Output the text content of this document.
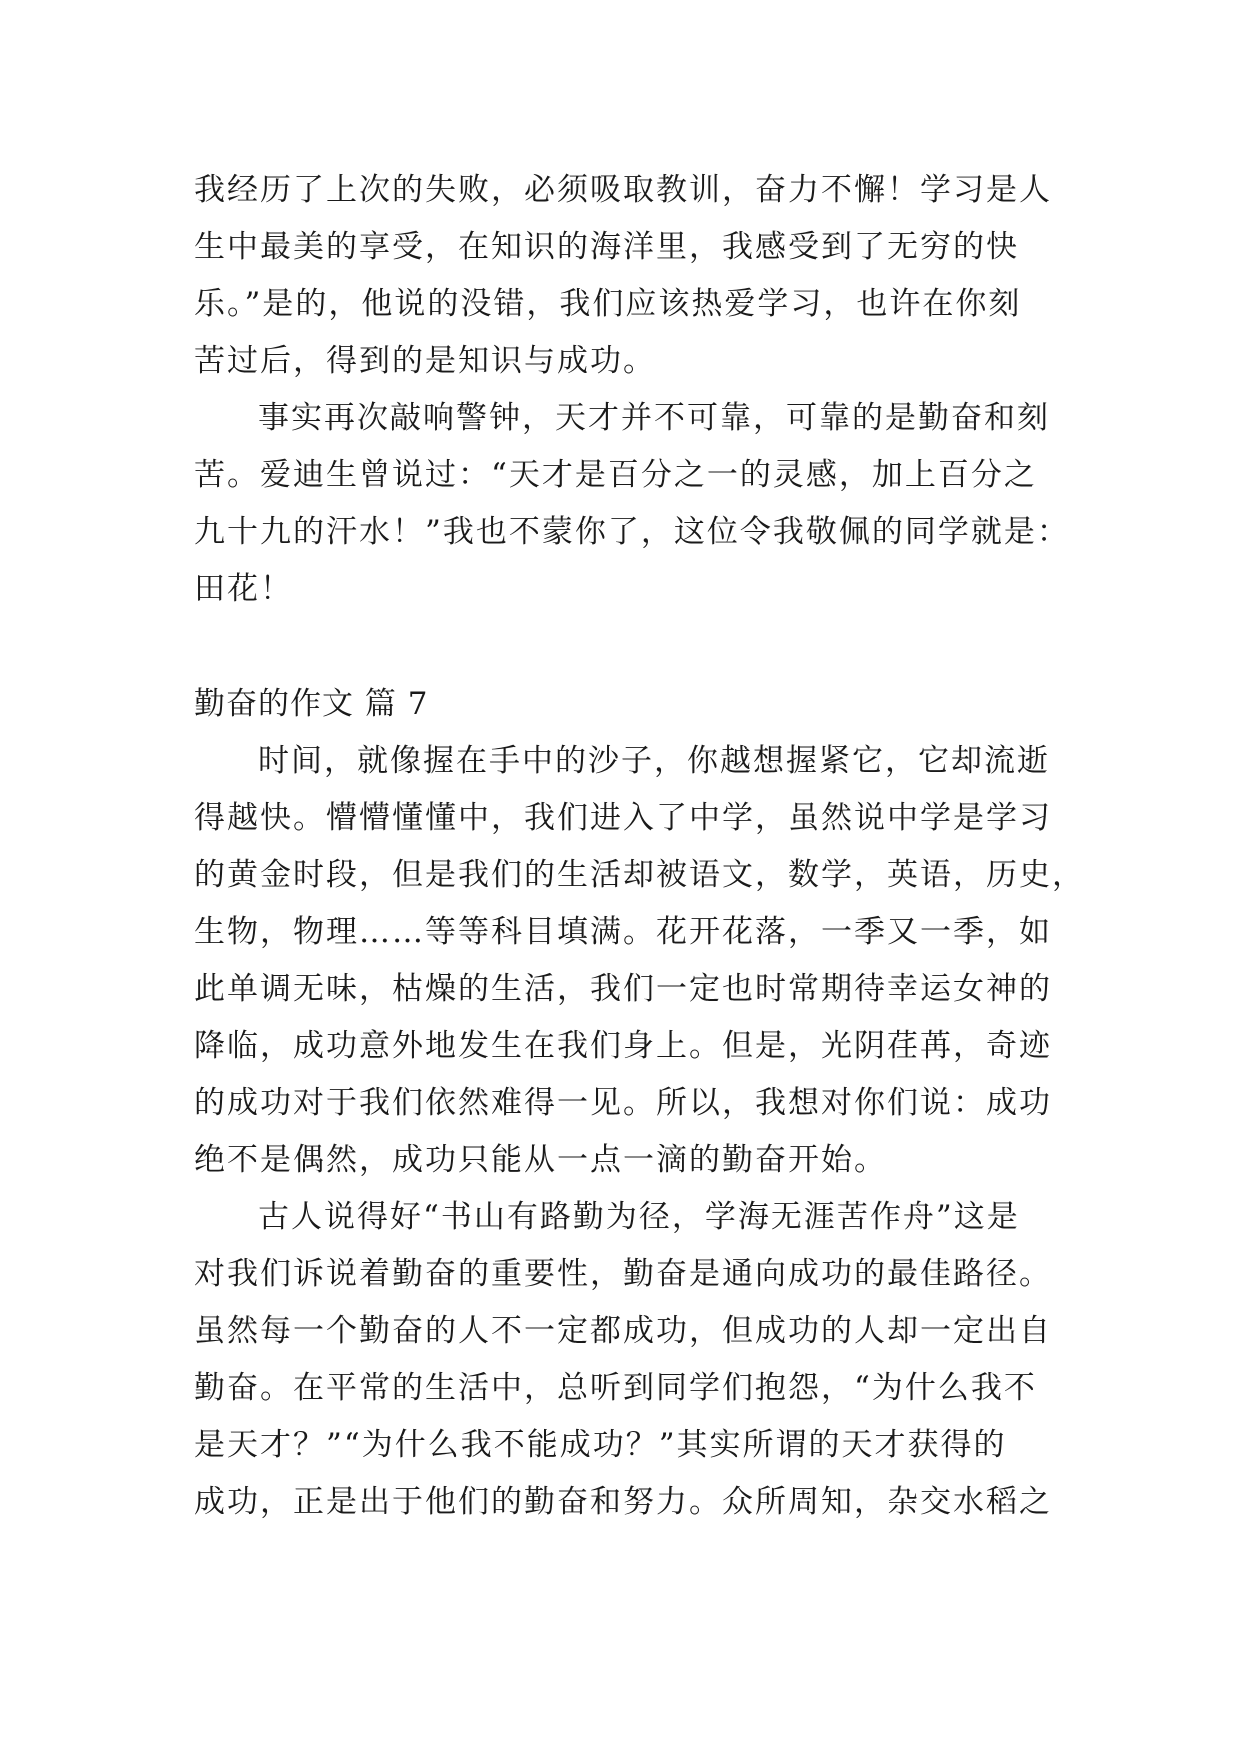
我经历了上次的失败，必须吸取教训，奋力不懈！学习是人
生中最美的享受，在知识的海洋里，我感受到了无穷的快
乐。”是的，他说的没错，我们应该热爱学习，也许在你刻
苦过后，得到的是知识与成功。
事实再次敲响警钟，天才并不可靠，可靠的是勤奋和刻
苦。爱迪生曾说过：“天才是百分之一的灵感，加上百分之
九十九的汗水！”我也不蒙你了，这位令我敬佩的同学就是：
田花！
勤奋的作文 篇 7
时间，就像握在手中的沙子，你越想握紧它，它却流逝
得越快。懵懵懂懂中，我们进入了中学，虽然说中学是学习
的黄金时段，但是我们的生活却被语文，数学，英语，历史，
生物，物理……等等科目填满。花开花落，一季又一季，如
此单调无味，枯燥的生活，我们一定也时常期待幸运女神的
降临，成功意外地发生在我们身上。但是，光阴荏苒，奇迹
的成功对于我们依然难得一见。所以，我想对你们说：成功
绝不是偶然，成功只能从一点一滴的勤奋开始。
古人说得好“书山有路勤为径，学海无涯苦作舟”这是
对我们诉说着勤奋的重要性，勤奋是通向成功的最佳路径。
虽然每一个勤奋的人不一定都成功，但成功的人却一定出自
勤奋。在平常的生活中，总听到同学们抱怨，“为什么我不
是天才？”“为什么我不能成功？”其实所谓的天才获得的
成功，正是出于他们的勤奋和努力。众所周知，杂交水稻之
